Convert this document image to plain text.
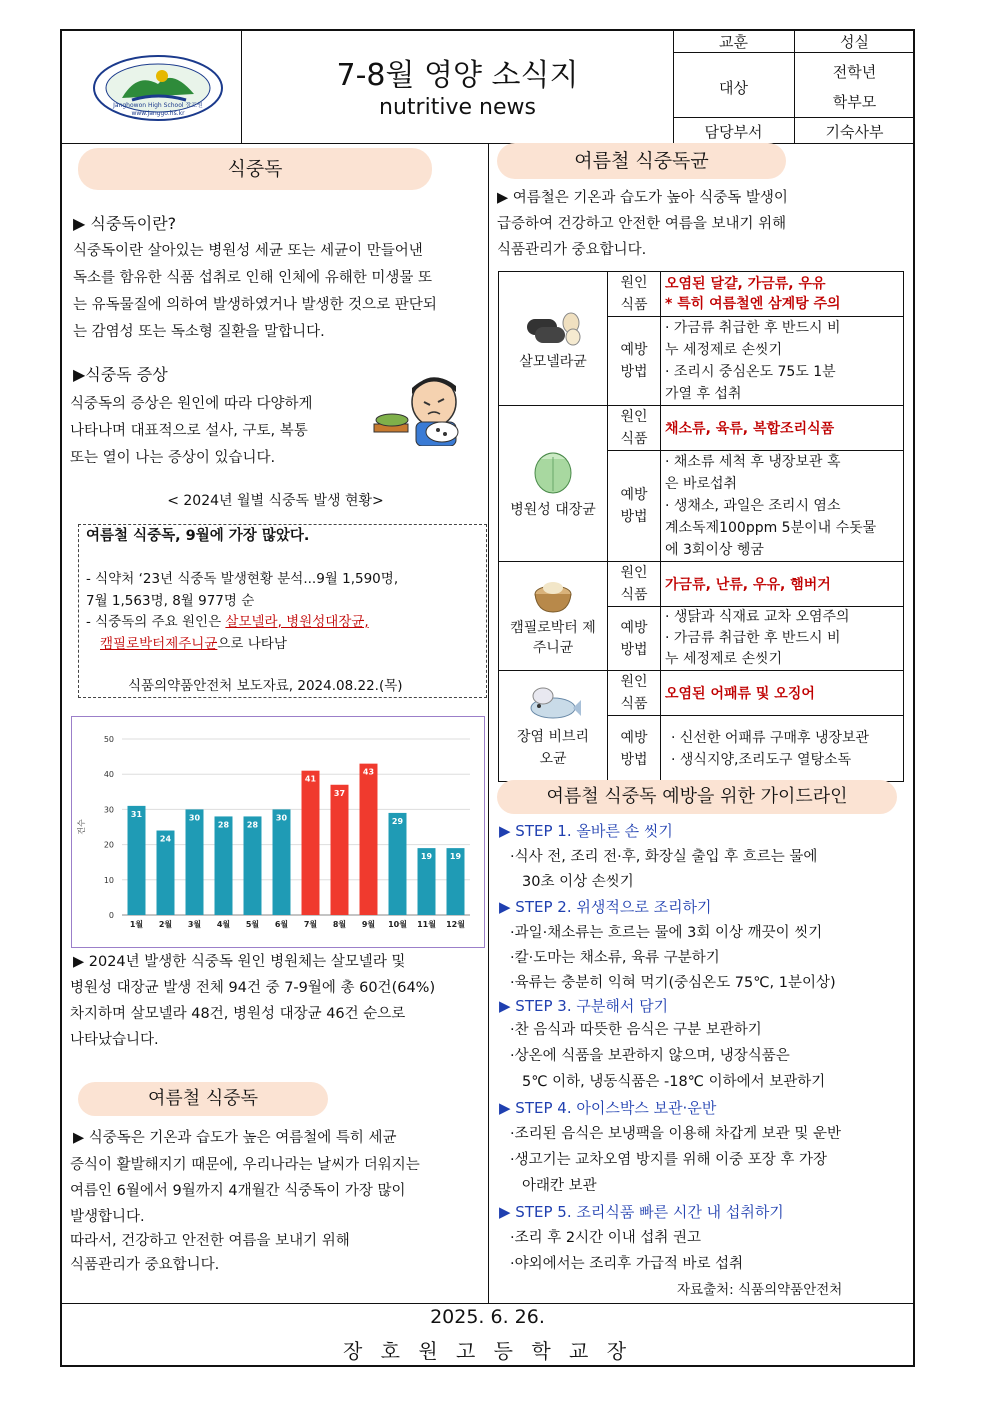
Janghowon High School 장호원 www.janggo.hs.kr
7-8월 영양 소식지
nutritive news
교훈	성실
대상
전학년
학부모
담당부서	기숙사부
식중독
▶ 식중독이란?
식중독이란 살아있는 병원성 세균 또는 세균이 만들어낸
독소를 함유한 식품 섭취로 인해 인체에 유해한 미생물 또
는 유독물질에 의하여 발생하였거나 발생한 것으로 판단되
는 감염성 또는 독소형 질환을 말합니다.
▶식중독 증상
식중독의 증상은 원인에 따라 다양하게
나타나며 대표적으로 설사, 구토, 복통
또는 열이 나는 증상이 있습니다.
< 2024년 월별 식중독 발생 현황>
여름철 식중독, 9월에 가장 많았다.
- 식약처 ‘23년 식중독 발생현황 분석...9월 1,590명,
7월 1,563명, 8월 977명 순
- 식중독의 주요 원인은 살모넬라, 병원성대장균,
캠필로박터제주니균으로 나타남
식품의약품안전처 보도자료, 2024.08.22.(목)
0
10
20
30
40
50
건수
31
1월
24
2월
30
3월
28
4월
28
5월
30
6월
41
7월
37
8월
43
9월
29
10월
19
11월
19
12월
▶ 2024년 발생한 식중독 원인 병원체는 살모넬라 및
병원성 대장균 발생 전체 94건 중 7-9월에 총 60건(64%)
차지하며 살모넬라 48건, 병원성 대장균 46건 순으로
나타났습니다.
여름철 식중독
▶ 식중독은 기온과 습도가 높은 여름철에 특히 세균
증식이 활발해지기 때문에, 우리나라는 날씨가 더워지는
여름인 6월에서 9월까지 4개월간 식중독이 가장 많이
발생합니다.
따라서, 건강하고 안전한 여름을 보내기 위해
식품관리가 중요합니다.
여름철 식중독균
▶ 여름철은 기온과 습도가 높아 식중독 발생이
급증하여 건강하고 안전한 여름을 보내기 위해
식품관리가 중요합니다.

살모넬라균	원인 식품	오염된 달걀, 가금류, 우유
* 특히 여름철엔 삼계탕 주의

	예방 방법	· 가금류 취급한 후 반드시 비
누 세정제로 손씻기
· 조리시 중심온도 75도 1분
가열 후 섭취

병원성 대장균	원인 식품	채소류, 육류, 복합조리식품

	예방 방법	· 채소류 세척 후 냉장보관 혹
은 바로섭취
· 생채소, 과일은 조리시 염소
계소독제100ppm 5분이내 수돗물
에 3회이상 헹굼

캠필로박터 제주니균	원인 식품	가금류, 난류, 우유, 햄버거

	예방 방법	· 생닭과 식재료 교차 오염주의
· 가금류 취급한 후 반드시 비
누 세정제로 손씻기

장염 비브리오균	원인 식품	오염된 어패류 및 오징어

	예방 방법	· 신선한 어패류 구매후 냉장보관
· 생식지양,조리도구 열탕소독
여름철 식중독 예방을 위한 가이드라인
▶ STEP 1. 올바른 손 씻기
·식사 전, 조리 전·후, 화장실 출입 후 흐르는 물에
30초 이상 손씻기
▶ STEP 2. 위생적으로 조리하기
·과일·채소류는 흐르는 물에 3회 이상 깨끗이 씻기
·칼·도마는 채소류, 육류 구분하기
·육류는 충분히 익혀 먹기(중심온도 75℃, 1분이상)
▶ STEP 3. 구분해서 담기
·찬 음식과 따뜻한 음식은 구분 보관하기
·상온에 식품을 보관하지 않으며, 냉장식품은
5℃ 이하, 냉동식품은 -18℃ 이하에서 보관하기
▶ STEP 4. 아이스박스 보관·운반
·조리된 음식은 보냉팩을 이용해 차갑게 보관 및 운반
·생고기는 교차오염 방지를 위해 이중 포장 후 가장
아래칸 보관
▶ STEP 5. 조리식품 빠른 시간 내 섭취하기
·조리 후 2시간 이내 섭취 권고
·야외에서는 조리후 가급적 바로 섭취
자료출처: 식품의약품안전처
2025. 6. 26.
장 호 원 고 등 학 교 장
